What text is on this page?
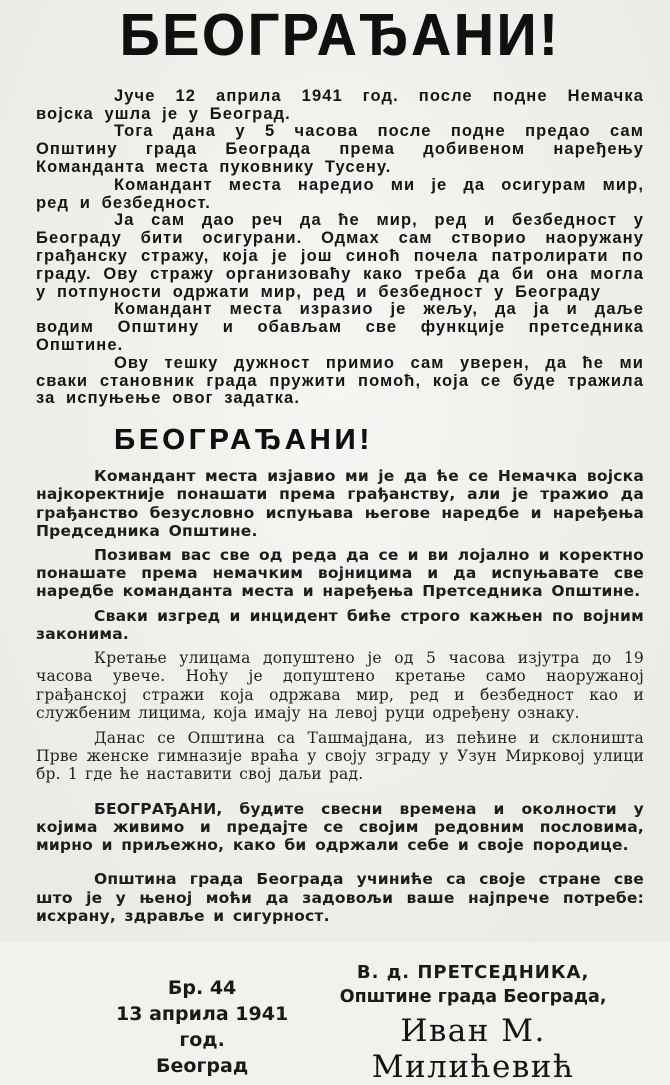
БЕОГРАЂАНИ!

Јуче 12 априла 1941 год. после подне Немачка војска ушла је у Београд.

Тога дана у 5 часова после подне предао сам Општину града Београда према добивеном наређењу Команданта места пуковнику Тусену.

Командант места наредио ми је да осигурам мир, ред и безбедност.

Ја сам дао реч да ће мир, ред и безбедност у Београду бити осигурани. Одмах сам створио наоружану грађанску стражу, која је још синоћ почела патролирати по граду. Ову стражу организоваћу како треба да би она могла у потпуности одржати мир, ред и безбедност у Београду

Командант места изразио је жељу, да ја и даље водим Општину и обављам све функције претседника Општине.

Ову тешку дужност примио сам уверен, да ће ми сваки становник града пружити помоћ, која се буде тражила за испуњење овог задатка.

БЕОГРАЂАНИ!

Командант места изјавио ми је да ће се Немачка војска најкоректније понашати према грађанству, али је тражио да грађанство безусловно испуњава његове наредбе и наређења Председника Општине.

Позивам вас све од реда да се и ви лојално и коректно понашате према немачким војницима и да испуњавате све наредбе команданта места и наређења Претседника Општине.

Сваки изгред и инцидент биће строго кажњен по војним законима.

Кретање улицама допуштено је од 5 часова изјутра до 19 часова увече. Ноћу је допуштено кретање само наоружаној грађанској стражи која одржава мир, ред и безбедност као и службеним лицима, која имају на левој руци одређену ознаку.

Данас се Општина са Ташмајдана, из пећине и склоништа Прве женске гимназије враћа у своју зграду у Узун Мирковој улици бр. 1 где ће наставити свој даљи рад.

БЕОГРАЂАНИ, будите свесни времена и околности у којима живимо и предајте се својим редовним пословима, мирно и приљежно, како би одржали себе и своје породице.

Општина града Београда учиниће са своје стране све што је у њеној моћи да задовољи ваше најпрече потребе: исхрану, здравље и сигурност.

Бр. 44
13 априла 1941 год.
Београд
В. д. ПРЕТСЕДНИКА,
Општине града Београда,
Иван М. Милићевић
